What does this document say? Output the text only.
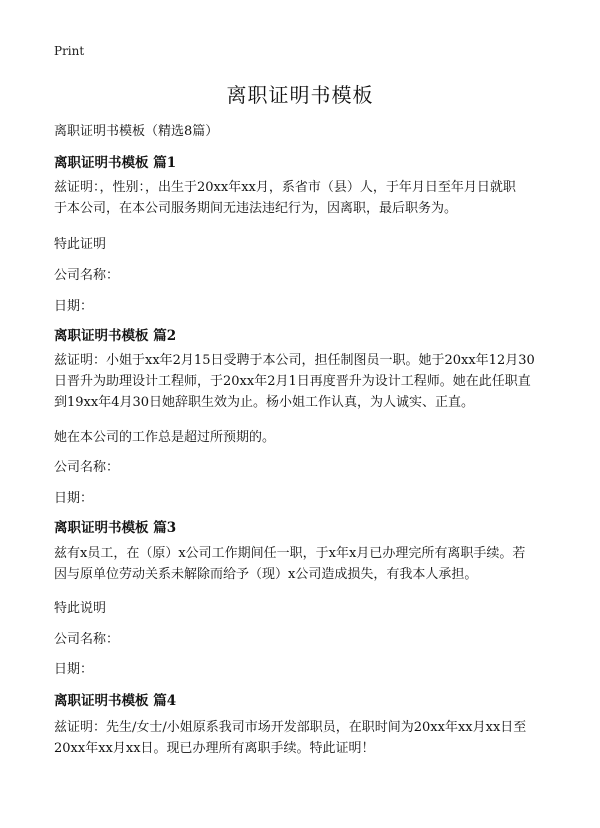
Print
离职证明书模板
离职证明书模板（精选8篇）
离职证明书模板 篇1
兹证明：，性别：，出生于20xx年xx月，系省市（县）人，于年月日至年月日就职
于本公司，在本公司服务期间无违法违纪行为，因离职，最后职务为。
特此证明
公司名称：
日期：
离职证明书模板 篇2
兹证明：小姐于xx年2月15日受聘于本公司，担任制图员一职。她于20xx年12月30
日晋升为助理设计工程师，于20xx年2月1日再度晋升为设计工程师。她在此任职直
到19xx年4月30日她辞职生效为止。杨小姐工作认真，为人诚实、正直。
她在本公司的工作总是超过所预期的。
公司名称：
日期：
离职证明书模板 篇3
兹有x员工，在（原）x公司工作期间任一职，于x年x月已办理完所有离职手续。若
因与原单位劳动关系未解除而给予（现）x公司造成损失，有我本人承担。
特此说明
公司名称：
日期：
离职证明书模板 篇4
兹证明：先生/女士/小姐原系我司市场开发部职员，在职时间为20xx年xx月xx日至
20xx年xx月xx日。现已办理所有离职手续。特此证明！
